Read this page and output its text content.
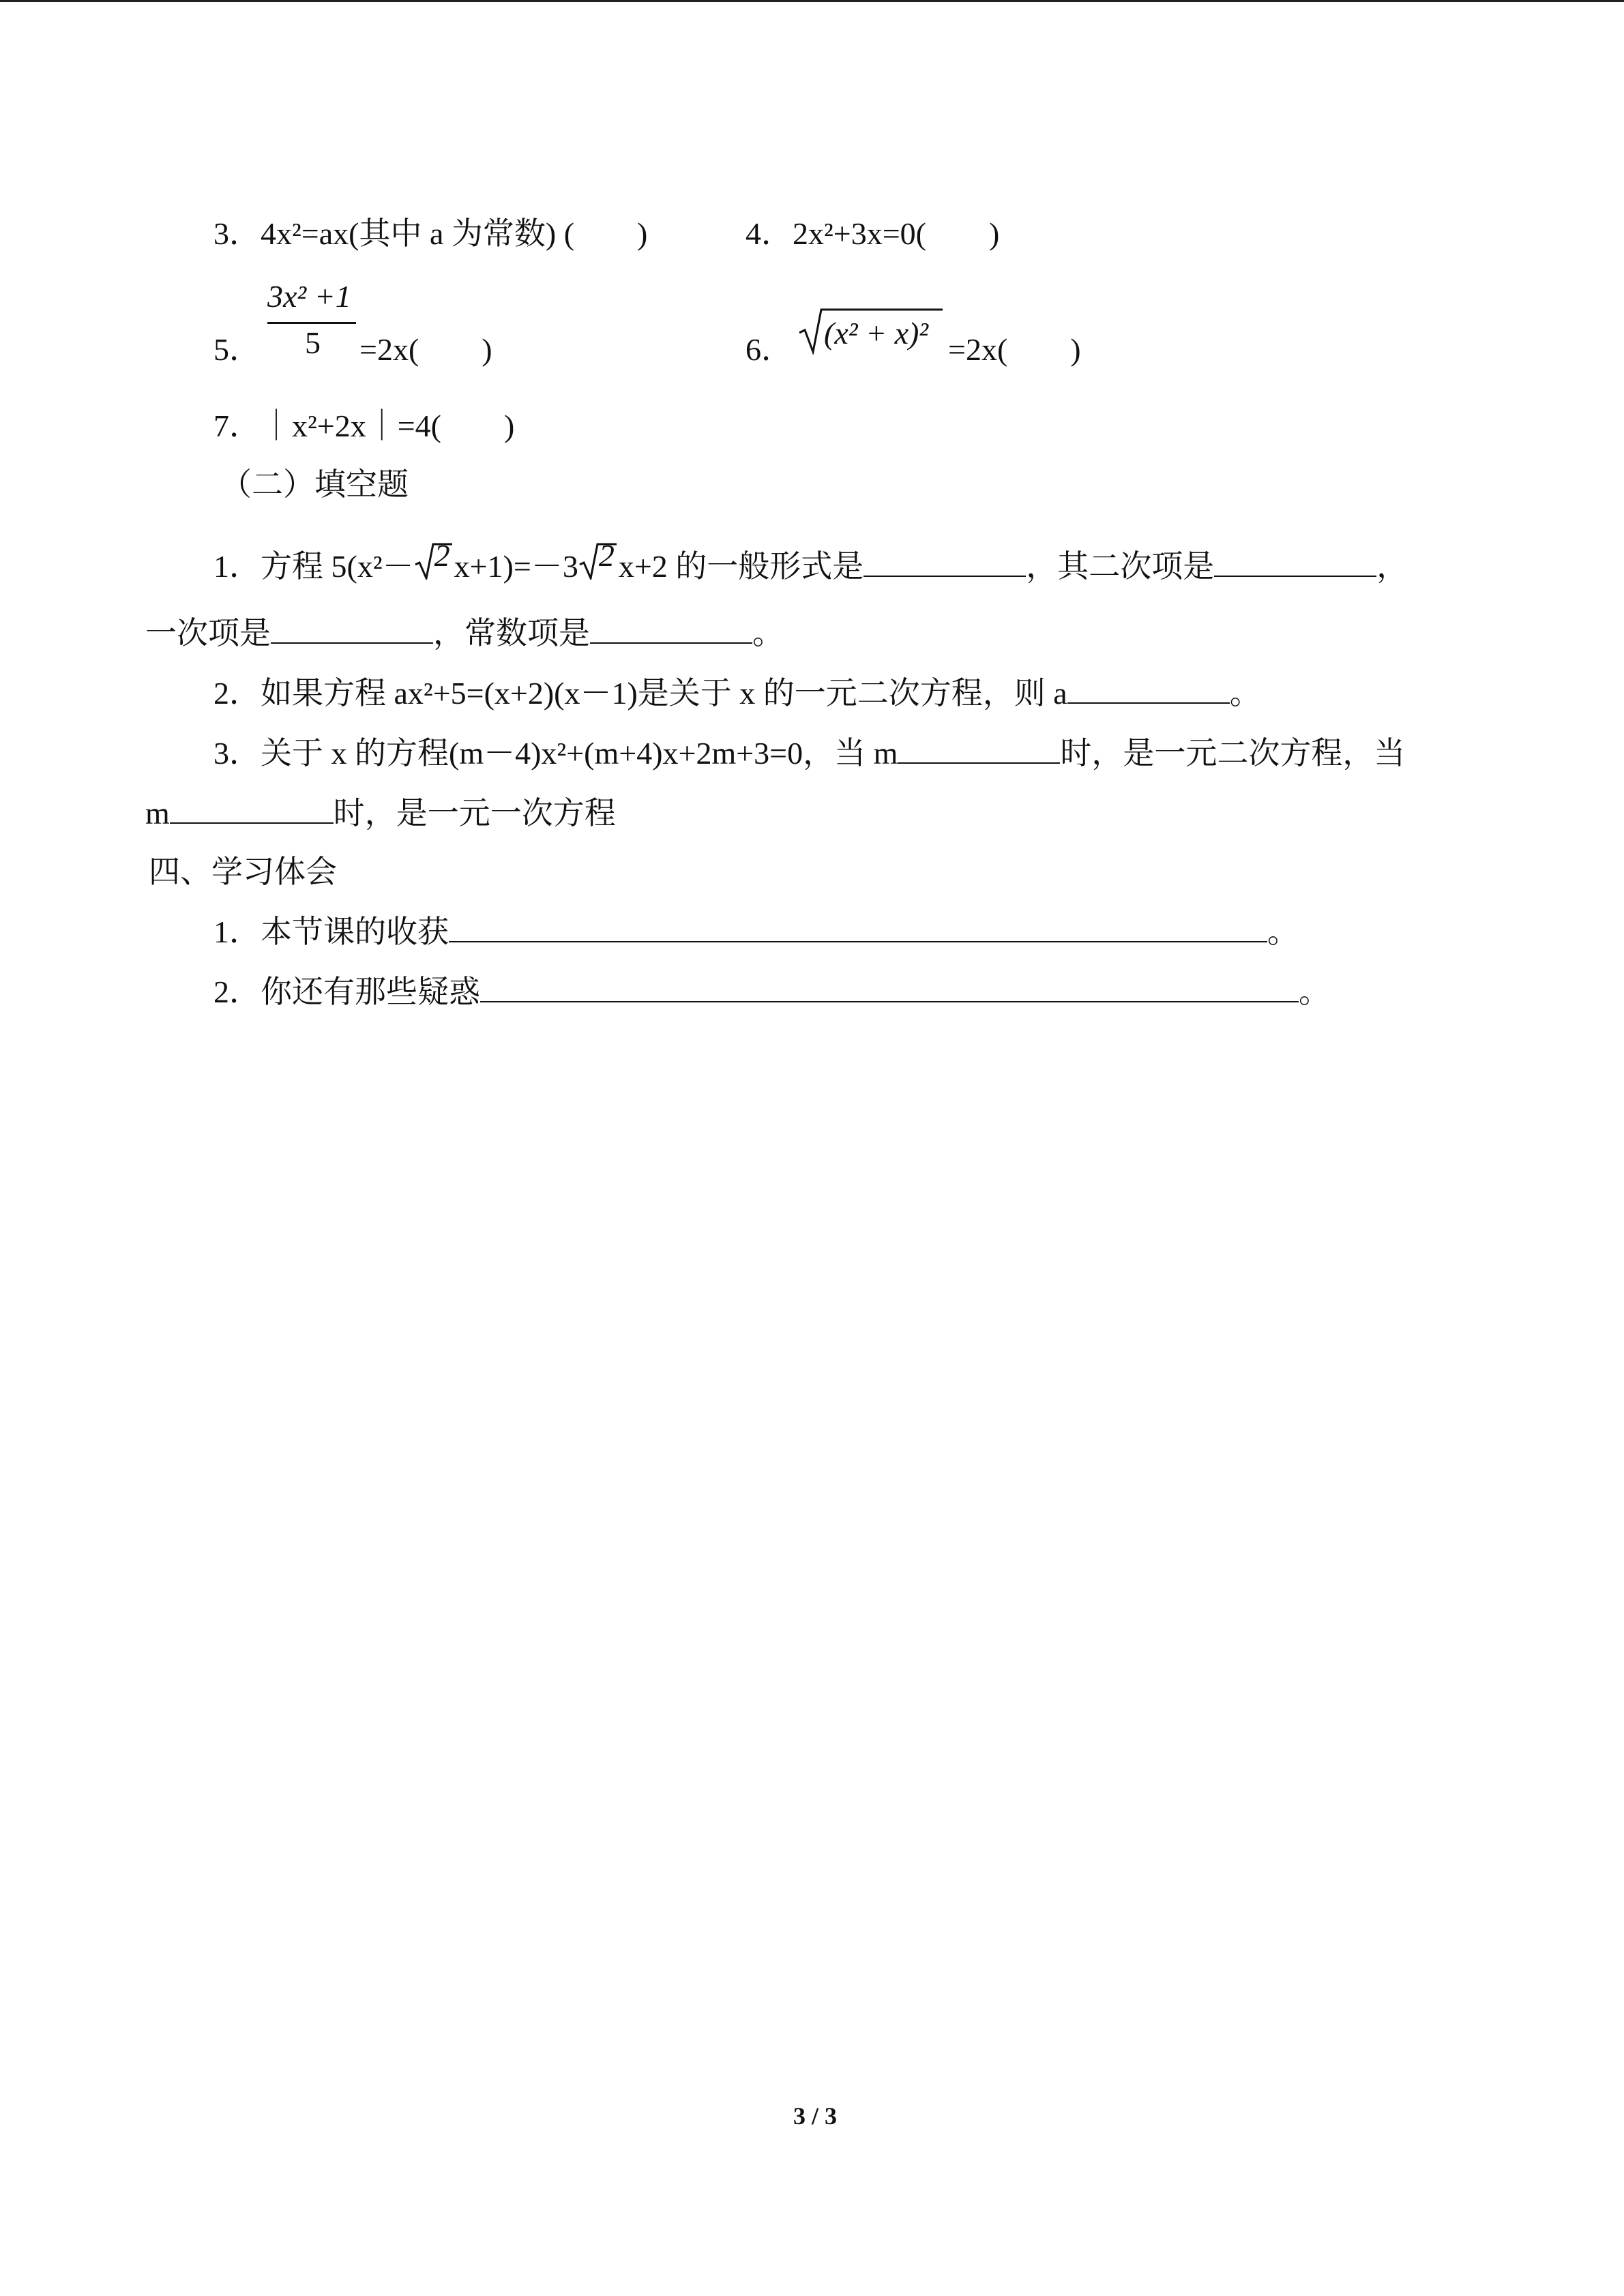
3．4x²=ax(其中 a 为常数) (　　)	4．2x²+3x=0(　　)
5．
3x² +1
5 =2x(　　)	6． (x² + x)² =2x(　　)
7．｜x²+2x｜=4(　　)
（二）填空题
1．方程 5(x²－ 2 x+1)=－3 2 x+2 的一般形式是	，其二次项是	，
一次项是	，常数项是	。
2．如果方程 ax²+5=(x+2)(x－1)是关于 x 的一元二次方程，则 a	。
3．关于 x 的方程(m－4)x²+(m+4)x+2m+3=0，当 m	时，是一元二次方程，当
m	时，是一元一次方程
四、学习体会
1．本节课的收获	。
2．你还有那些疑惑	。
3 / 3
